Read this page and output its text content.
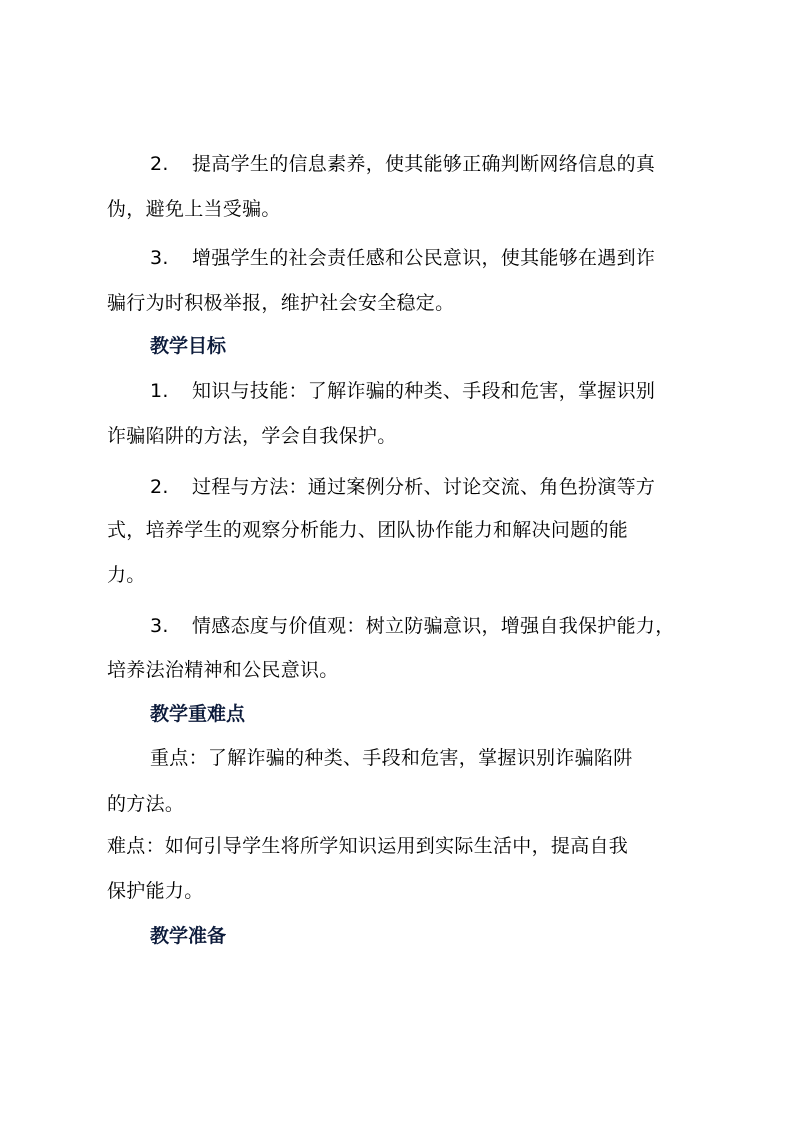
2. 提高学生的信息素养，使其能够正确判断网络信息的真
伪，避免上当受骗。
3. 增强学生的社会责任感和公民意识，使其能够在遇到诈
骗行为时积极举报，维护社会安全稳定。
教学目标
1. 知识与技能：了解诈骗的种类、手段和危害，掌握识别
诈骗陷阱的方法，学会自我保护。
2. 过程与方法：通过案例分析、讨论交流、角色扮演等方
式，培养学生的观察分析能力、团队协作能力和解决问题的能
力。
3. 情感态度与价值观：树立防骗意识，增强自我保护能力，
培养法治精神和公民意识。
教学重难点
重点：了解诈骗的种类、手段和危害，掌握识别诈骗陷阱
的方法。
难点：如何引导学生将所学知识运用到实际生活中，提高自我
保护能力。
教学准备
